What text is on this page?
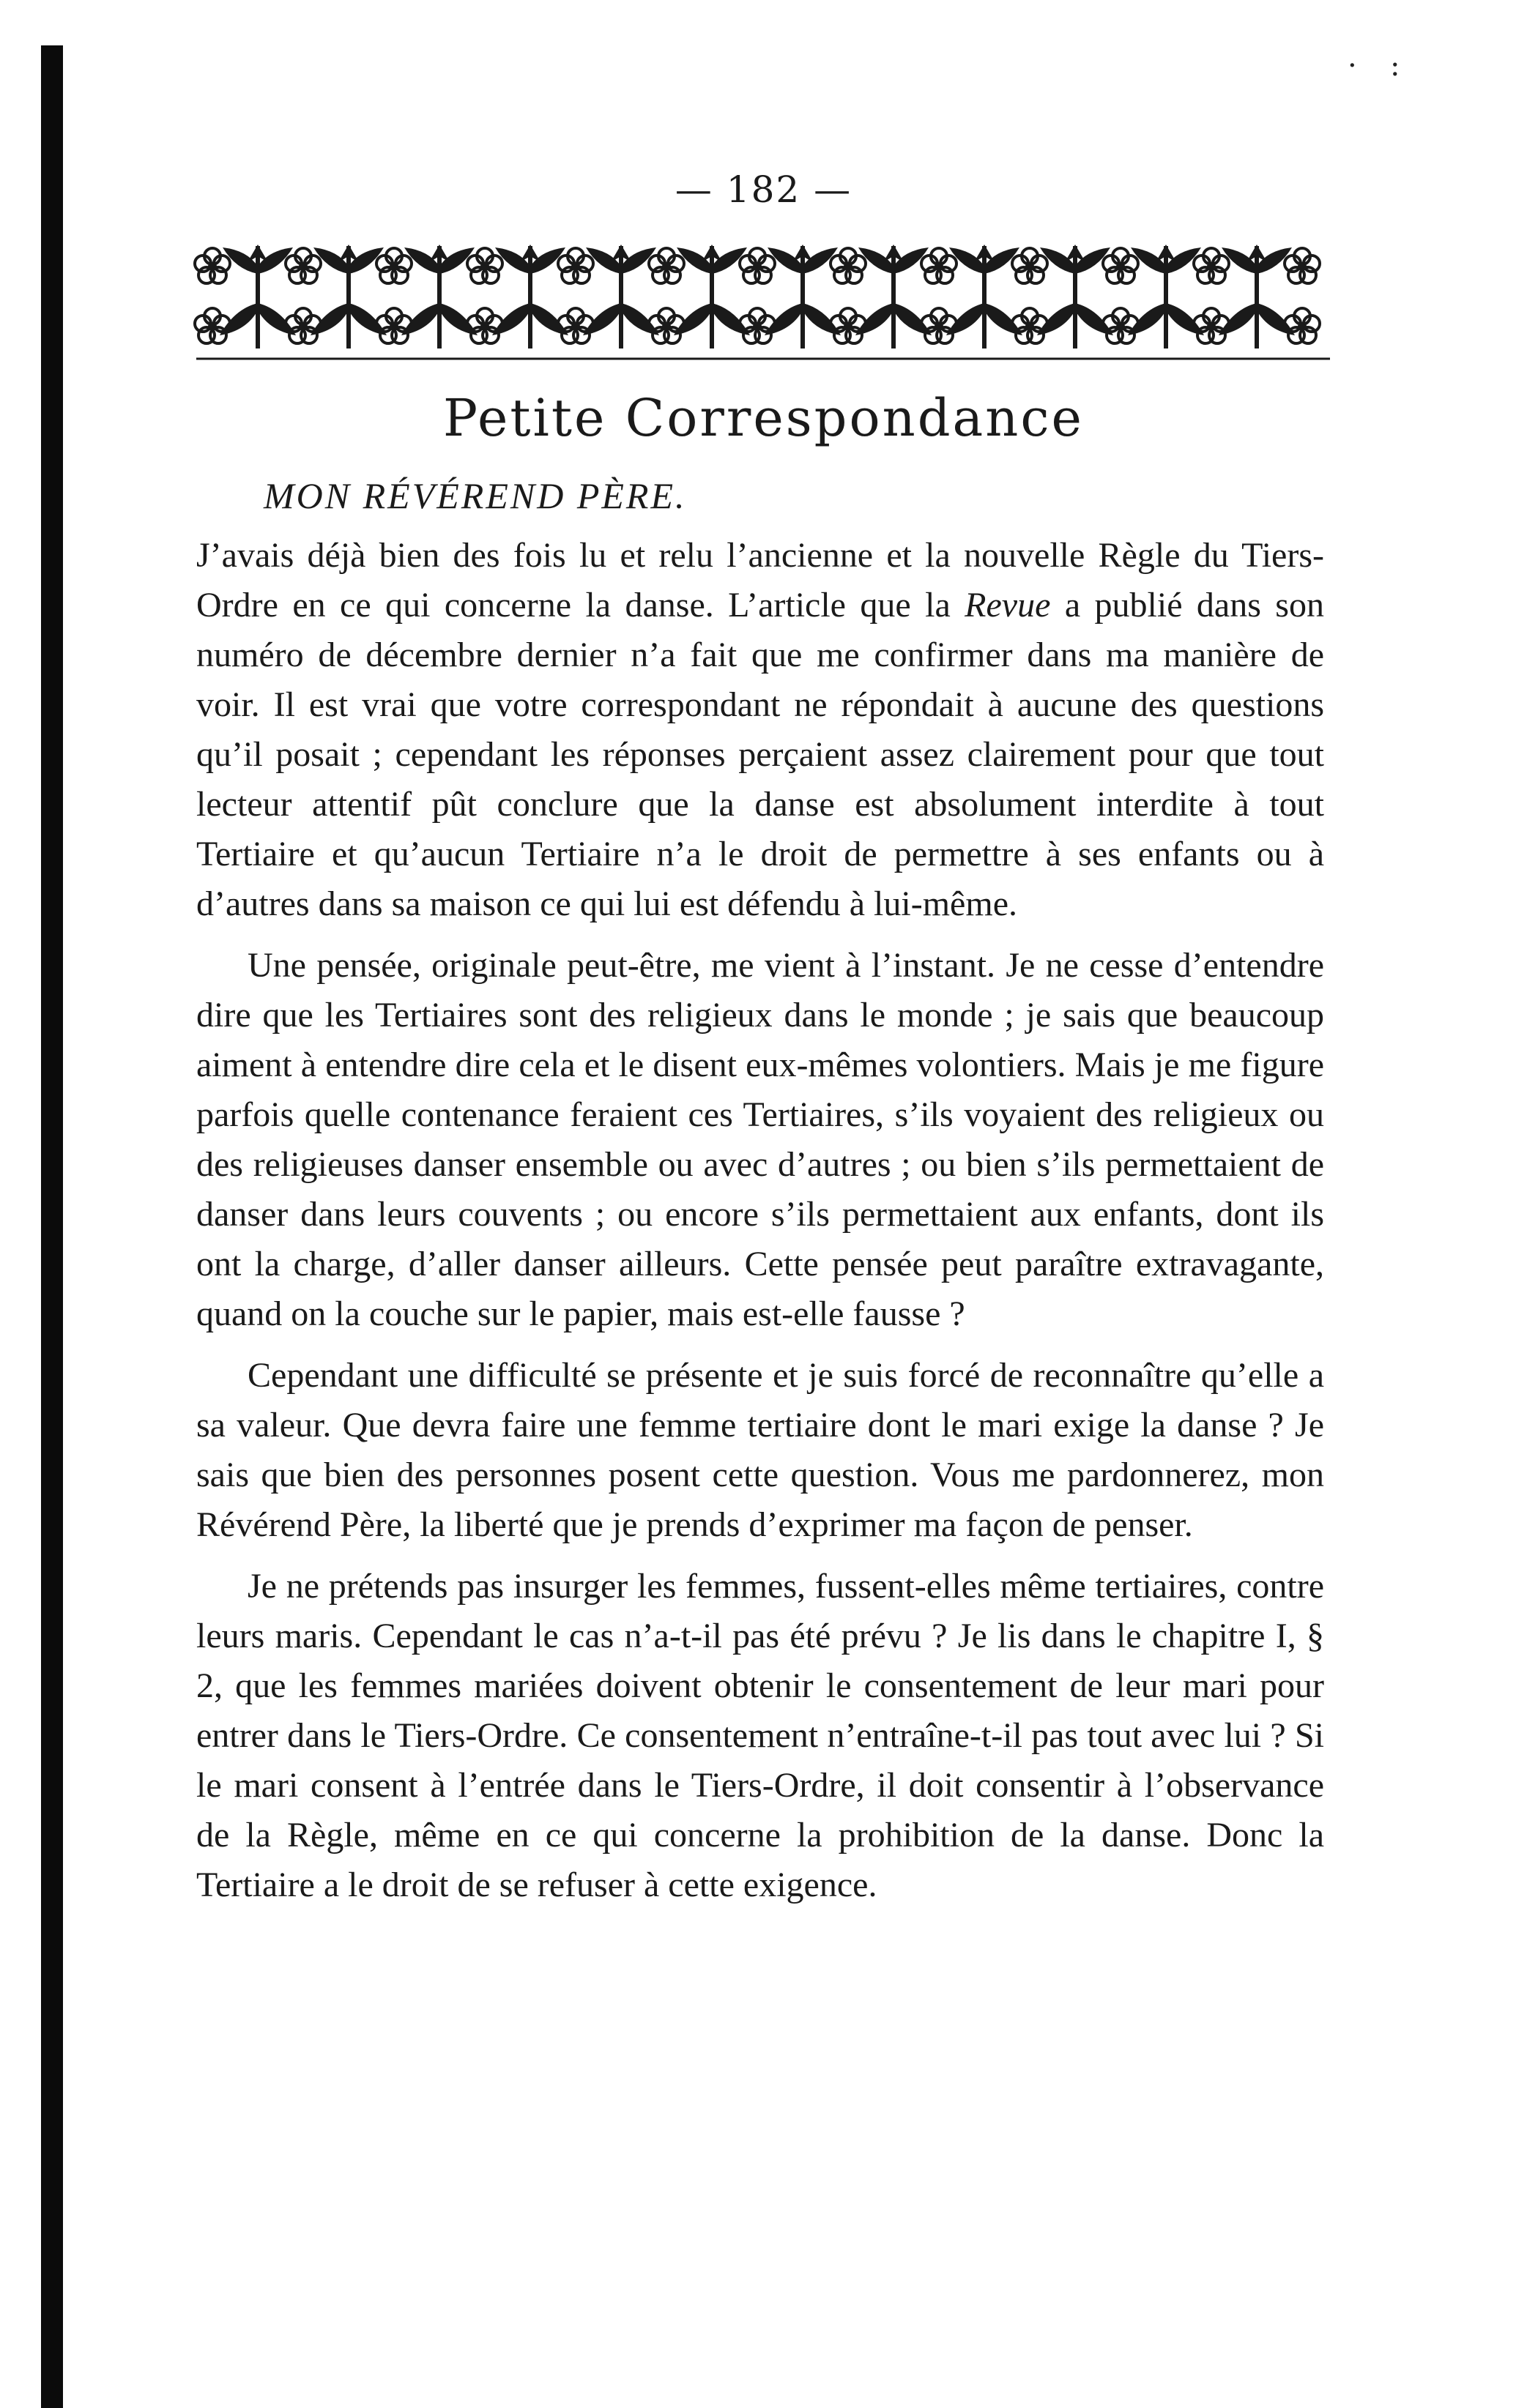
· :
— 182 —
Petite Correspondance
MON RÉVÉREND PÈRE.

J’avais déjà bien des fois lu et relu l’ancienne et la nouvelle Règle du Tiers-Ordre en ce qui concerne la danse. L’article que la Revue a publié dans son numéro de décembre dernier n’a fait que me confirmer dans ma manière de voir. Il est vrai que votre correspondant ne répondait à aucune des questions qu’il posait ; cependant les réponses perçaient assez clairement pour que tout lecteur attentif pût conclure que la danse est absolument interdite à tout Tertiaire et qu’aucun Tertiaire n’a le droit de permettre à ses enfants ou à d’autres dans sa maison ce qui lui est défendu à lui-même.

Une pensée, originale peut-être, me vient à l’instant. Je ne cesse d’entendre dire que les Tertiaires sont des religieux dans le monde ; je sais que beaucoup aiment à entendre dire cela et le disent eux-mêmes volontiers. Mais je me figure parfois quelle contenance feraient ces Tertiaires, s’ils voyaient des religieux ou des religieuses danser ensemble ou avec d’autres ; ou bien s’ils permettaient de danser dans leurs couvents ; ou encore s’ils permettaient aux enfants, dont ils ont la charge, d’aller danser ailleurs. Cette pensée peut paraître extravagante, quand on la couche sur le papier, mais est-elle fausse ?

Cependant une difficulté se présente et je suis forcé de reconnaître qu’elle a sa valeur. Que devra faire une femme tertiaire dont le mari exige la danse ? Je sais que bien des personnes posent cette question. Vous me pardonnerez, mon Révérend Père, la liberté que je prends d’exprimer ma façon de penser.

Je ne prétends pas insurger les femmes, fussent-elles même tertiaires, contre leurs maris. Cependant le cas n’a-t-il pas été prévu ? Je lis dans le chapitre I, § 2, que les femmes mariées doivent obtenir le consentement de leur mari pour entrer dans le Tiers-Ordre. Ce consentement n’entraîne-t-il pas tout avec lui ? Si le mari consent à l’entrée dans le Tiers-Ordre, il doit consentir à l’observance de la Règle, même en ce qui concerne la prohibition de la danse. Donc la Tertiaire a le droit de se refuser à cette exigence.
